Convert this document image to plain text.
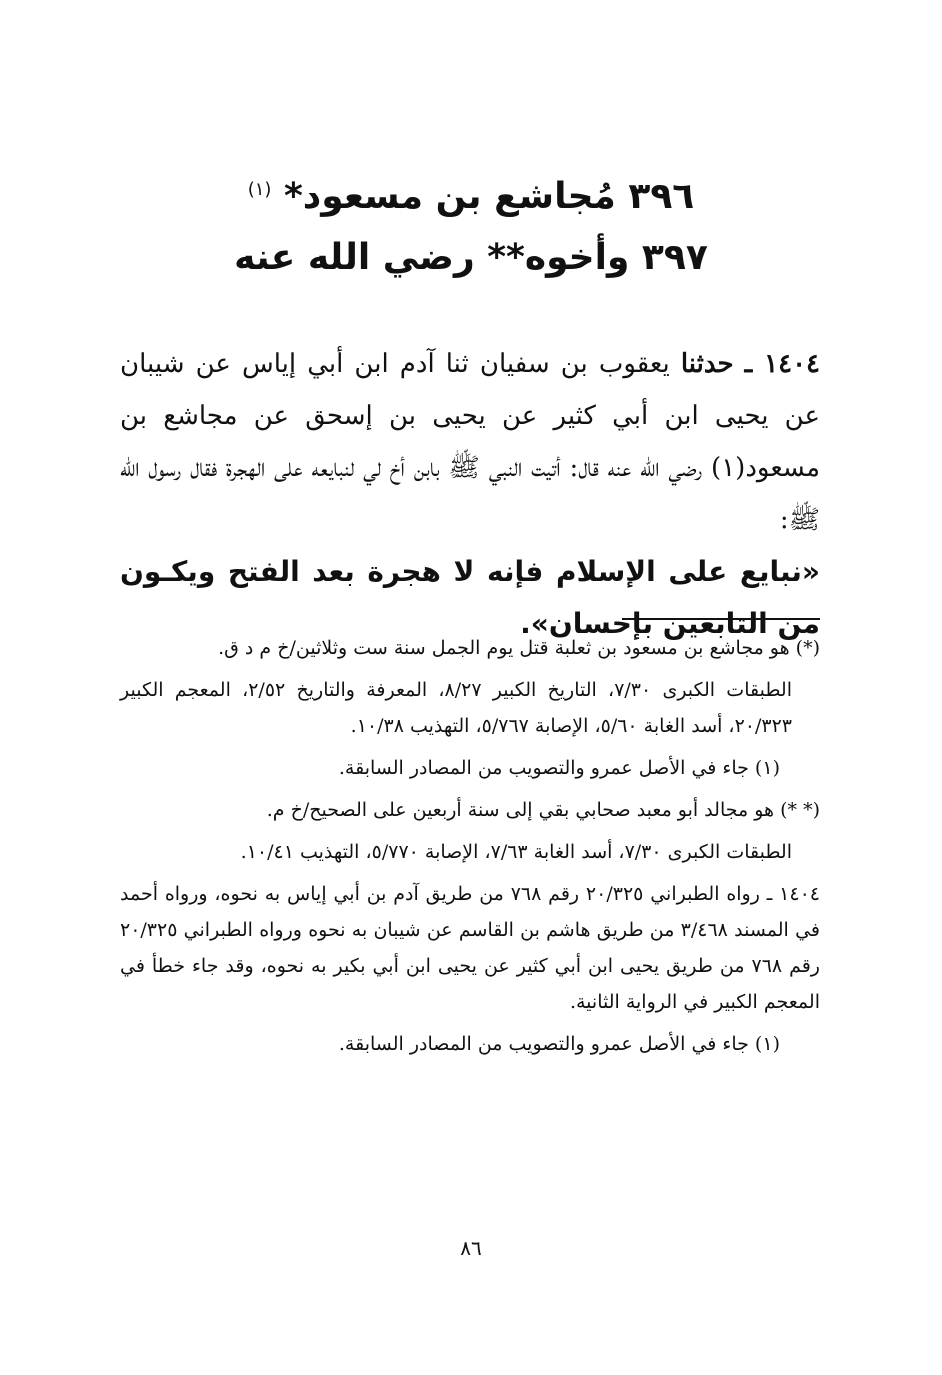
٣٩٦ مُجاشع بن مسعود* $^{(١)}$
٣٩٧ وأخوه** رضي الله عنه

١٤٠٤ ـ حدثنا يعقوب بن سفيان ثنا آدم ابن أبي إياس عن شيبان عن يحيى ابن أبي كثير عن يحيى بن إسحق عن مجاشع بن مسعود(١) رضي الله عنه قال: أتيت النبي ﷺ بابن أخ لي لنبايعه على الهجرة فقال رسول الله ﷺ:

«نبايع على الإسلام فإنه لا هجرة بعد الفتح ويكـون من التابعين بإحسان».

(*) هو مجاشع بن مسعود بن ثعلبة قتل يوم الجمل سنة ست وثلاثين/خ م د ق.

الطبقات الكبرى ٧/٣٠، التاريخ الكبير ٨/٢٧، المعرفة والتاريخ ٢/٥٢، المعجم الكبير ٢٠/٣٢٣، أسد الغابة ٥/٦٠، الإصابة ٥/٧٦٧، التهذيب ١٠/٣٨.

(١) جاء في الأصل عمرو والتصويب من المصادر السابقة.

(* *) هو مجالد أبو معبد صحابي بقي إلى سنة أربعين على الصحيح/خ م.

الطبقات الكبرى ٧/٣٠، أسد الغابة ٧/٦٣، الإصابة ٥/٧٧٠، التهذيب ١٠/٤١.

١٤٠٤ ـ رواه الطبراني ٢٠/٣٢٥ رقم ٧٦٨ من طريق آدم بن أبي إياس به نحوه، ورواه أحمد في المسند ٣/٤٦٨ من طريق هاشم بن القاسم عن شيبان به نحوه ورواه الطبراني ٢٠/٣٢٥ رقم ٧٦٨ من طريق يحيى ابن أبي كثير عن يحيى ابن أبي بكير به نحوه، وقد جاء خطأ في المعجم الكبير في الرواية الثانية.

(١) جاء في الأصل عمرو والتصويب من المصادر السابقة.

٨٦
